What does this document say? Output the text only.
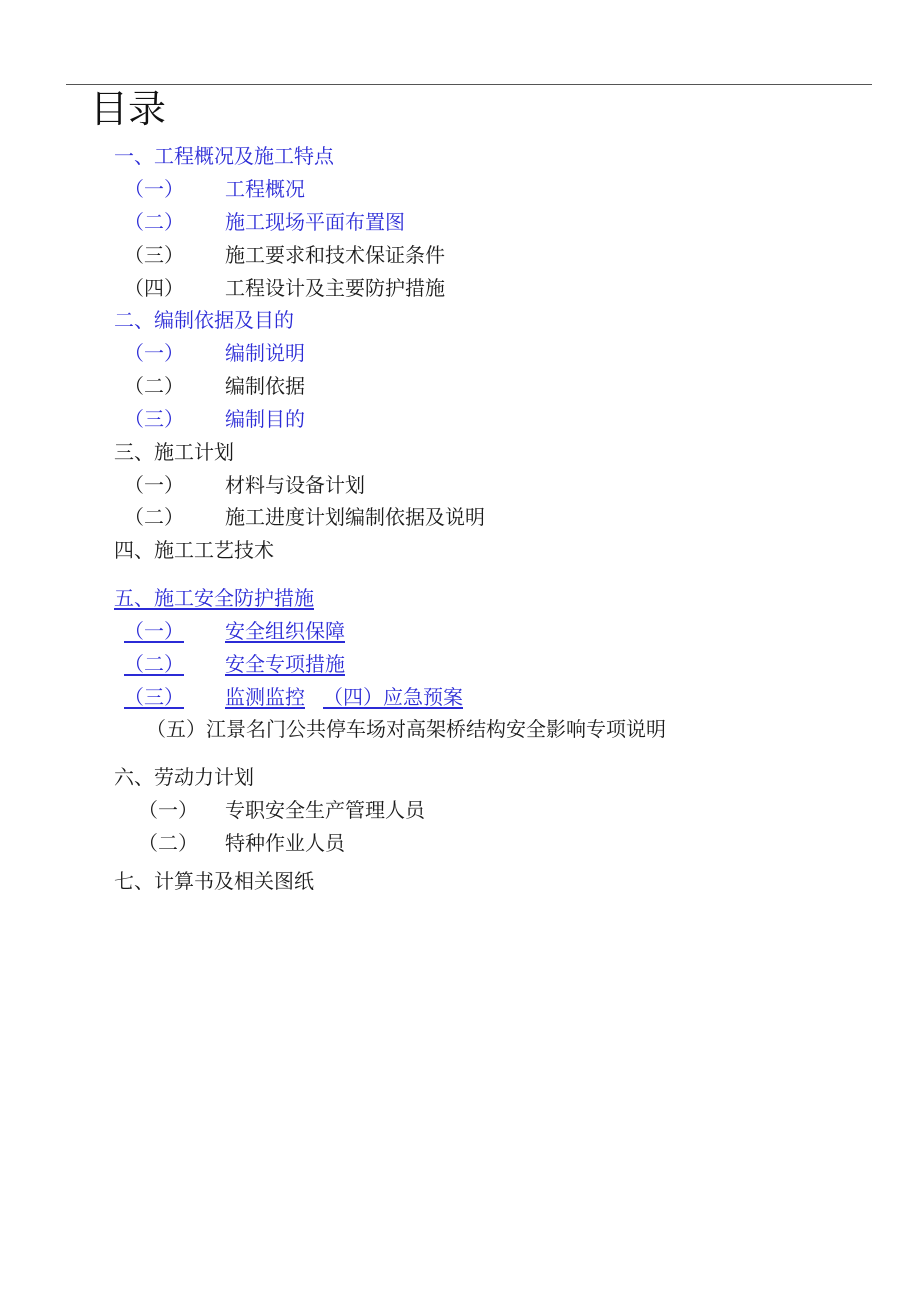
目录
一、工程概况及施工特点
（一） 工程概况
（二） 施工现场平面布置图
（三） 施工要求和技术保证条件
（四） 工程设计及主要防护措施
二、编制依据及目的
（一） 编制说明
（二） 编制依据
（三） 编制目的
三、施工计划
（一） 材料与设备计划
（二） 施工进度计划编制依据及说明
四、施工工艺技术
五、施工安全防护措施
（一） 安全组织保障
（二） 安全专项措施
（三） 监测监控 （四）应急预案
（五）江景名门公共停车场对高架桥结构安全影响专项说明
六、劳动力计划
（一） 专职安全生产管理人员
（二） 特种作业人员
七、计算书及相关图纸
